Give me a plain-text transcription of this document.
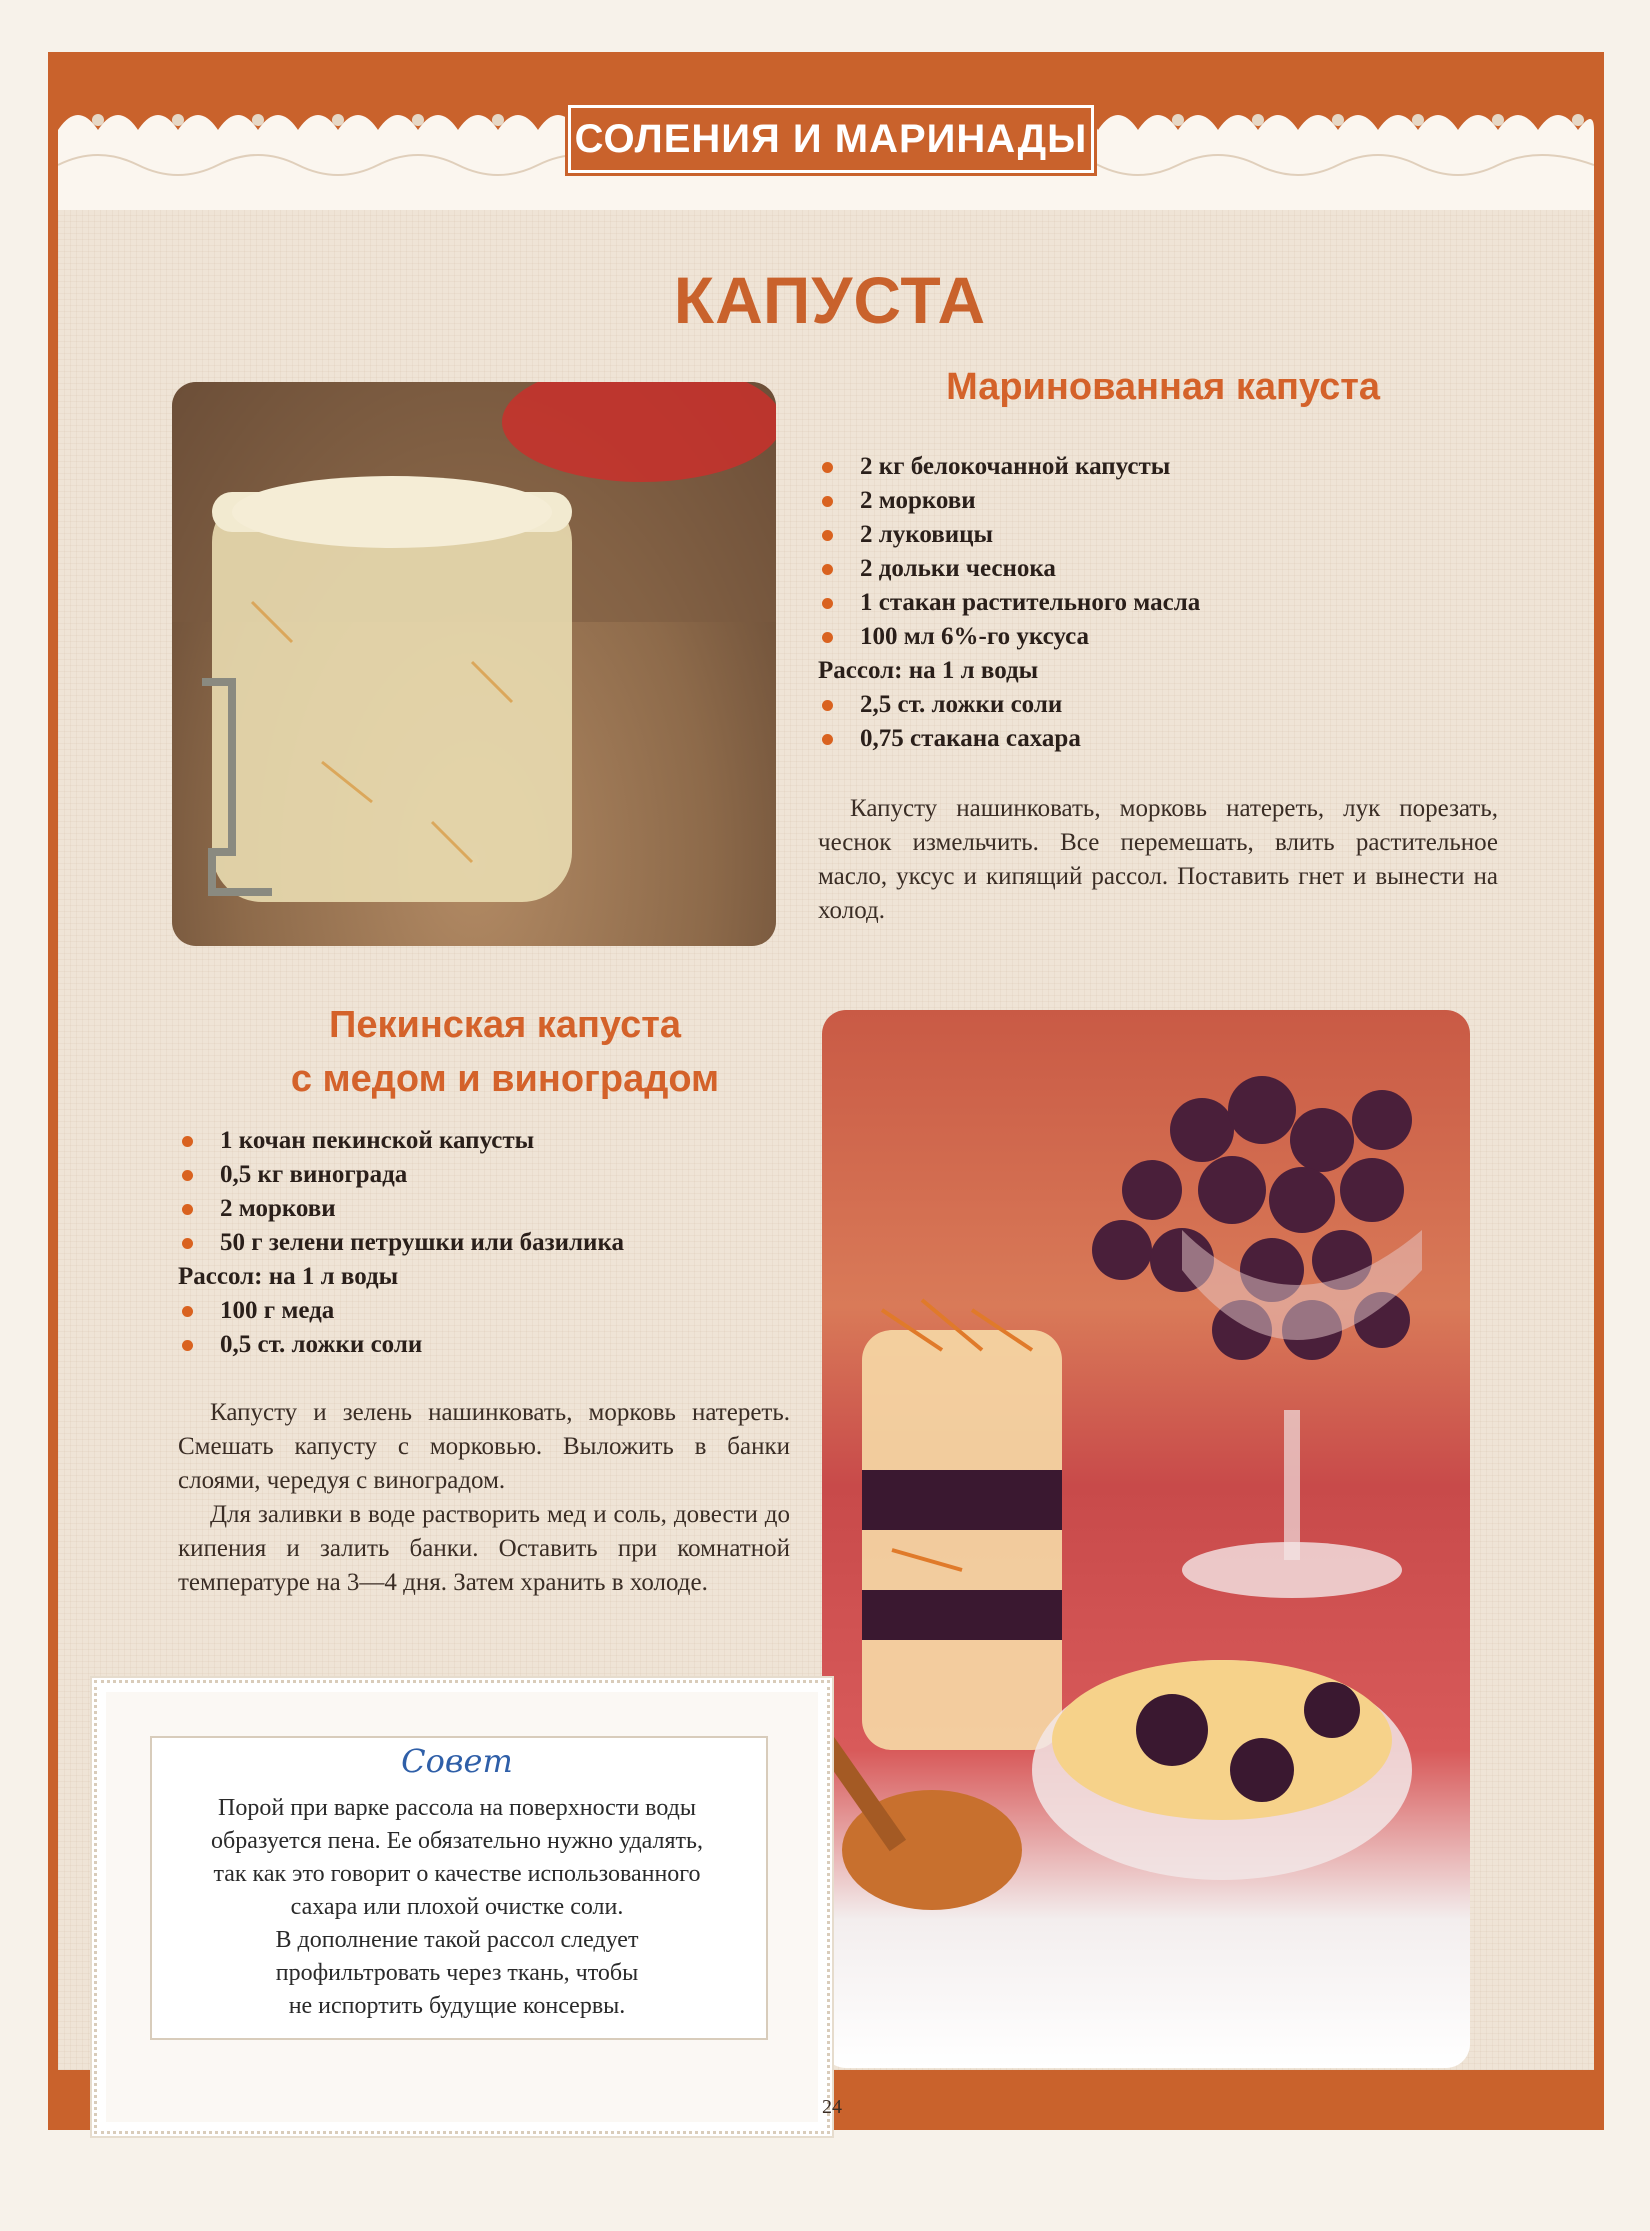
СОЛЕНИЯ И МАРИНАДЫ
КАПУСТА
Маринованная капуста
2 кг белокочанной капусты
2 моркови
2 луковицы
2 дольки чеснока
1 стакан растительного масла
100 мл 6%-го уксуса
Рассол: на 1 л воды
2,5 ст. ложки соли
0,75 стакана сахара

Капусту нашинковать, морковь натереть, лук порезать, чеснок измельчить. Все перемешать, влить растительное масло, уксус и кипящий рассол. Поставить гнет и вынести на холод.

Пекинская капуста
с медом и виноградом
1 кочан пекинской капусты
0,5 кг винограда
2 моркови
50 г зелени петрушки или базилика
Рассол: на 1 л воды
100 г меда
0,5 ст. ложки соли

Капусту и зелень нашинковать, морковь натереть. Смешать капусту с морковью. Выложить в банки слоями, чередуя с виноградом.

Для заливки в воде растворить мед и соль, довести до кипения и залить банки. Оставить при комнатной температуре на 3—4 дня. Затем хранить в холоде.

Совет

Порой при варке рассола на поверхности воды

образуется пена. Ее обязательно нужно удалять,

так как это говорит о качестве использованного

сахара или плохой очистке соли.

В дополнение такой рассол следует

профильтровать через ткань, чтобы

не испортить будущие консервы.

24
